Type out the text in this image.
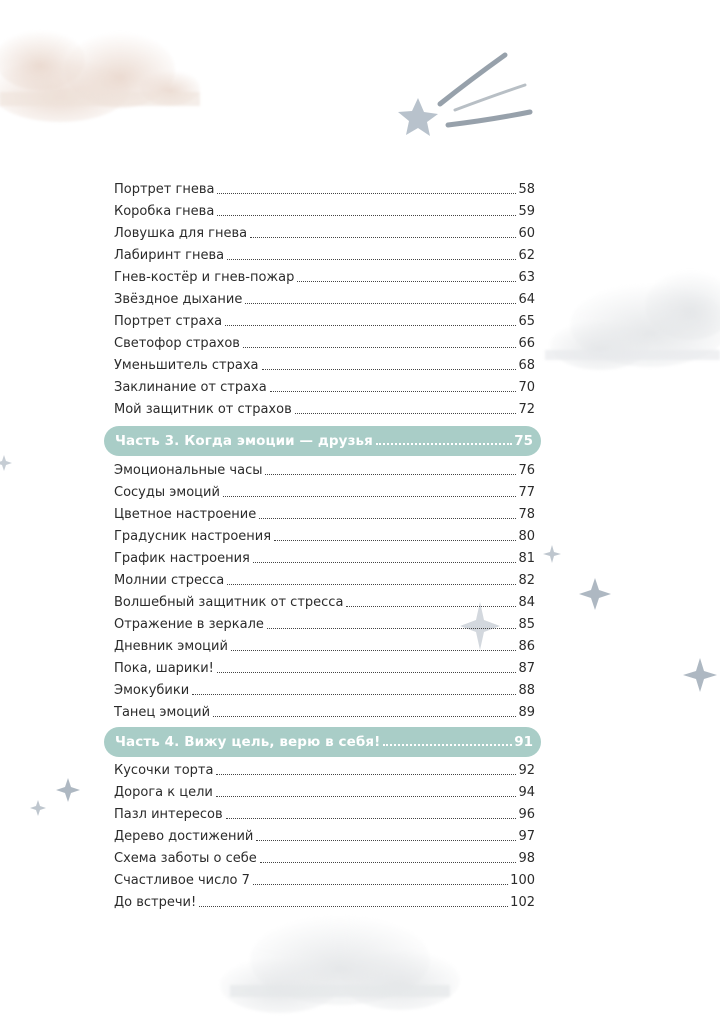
Портрет гнева	58
Коробка гнева	59
Ловушка для гнева	60
Лабиринт гнева	62
Гнев-костёр и гнев-пожар	63
Звёздное дыхание	64
Портрет страха	65
Светофор страхов	66
Уменьшитель страха	68
Заклинание от страха	70
Мой защитник от страхов	72
Часть 3. Когда эмоции — друзья	75
Эмоциональные часы	76
Сосуды эмоций	77
Цветное настроение	78
Градусник настроения	80
График настроения	81
Молнии стресса	82
Волшебный защитник от стресса	84
Отражение в зеркале	85
Дневник эмоций	86
Пока, шарики!	87
Эмокубики	88
Танец эмоций	89
Часть 4. Вижу цель, верю в себя!	91
Кусочки торта	92
Дорога к цели	94
Пазл интересов	96
Дерево достижений	97
Схема заботы о себе	98
Счастливое число 7	100
До встречи!	102
